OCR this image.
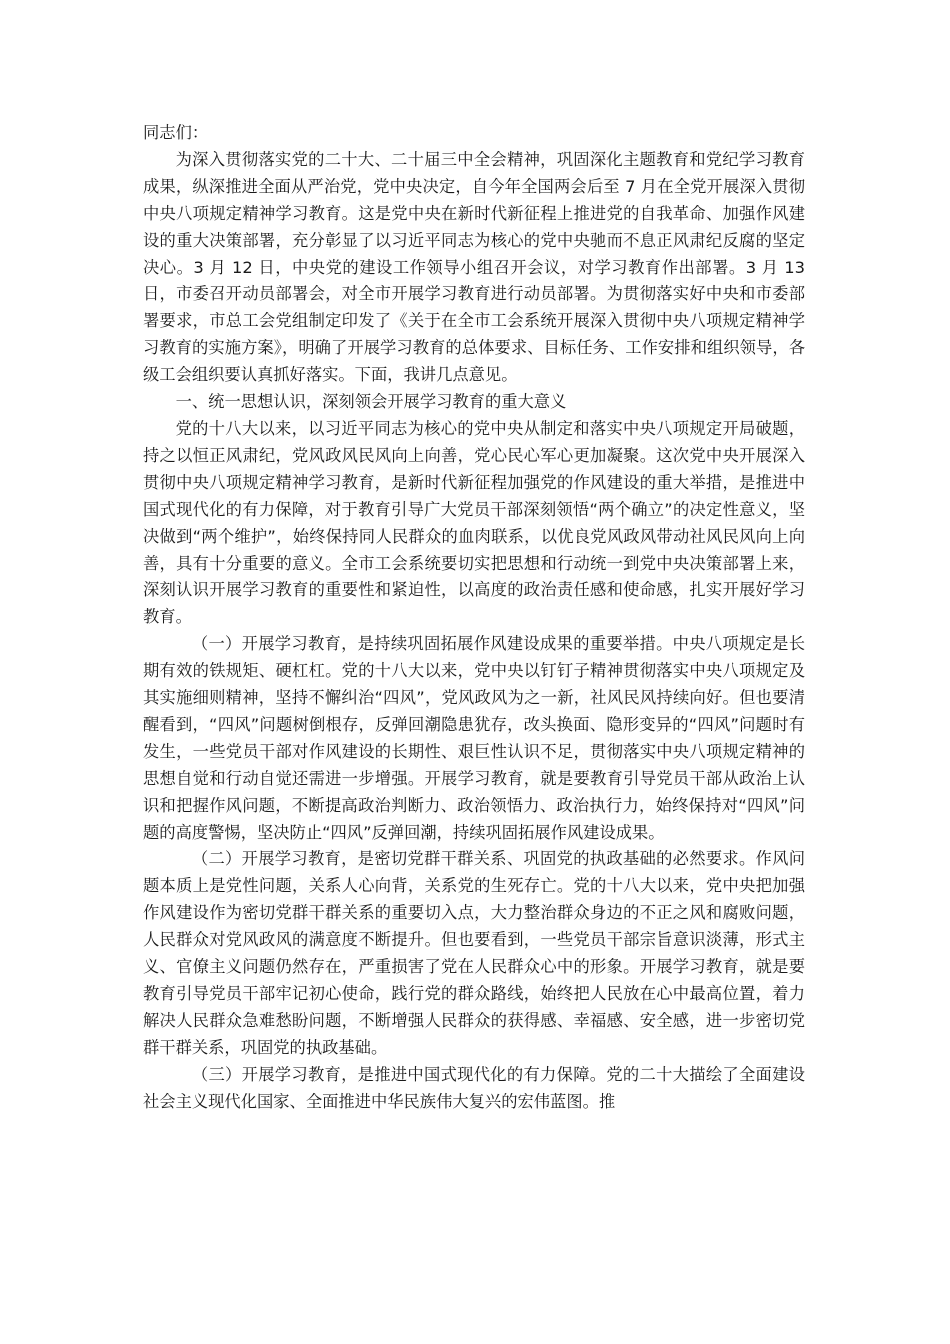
同志们：

为深入贯彻落实党的二十大、二十届三中全会精神，巩固深化主题教育和党纪学习教育成果，纵深推进全面从严治党，党中央决定，自今年全国两会后至 7 月在全党开展深入贯彻中央八项规定精神学习教育。这是党中央在新时代新征程上推进党的自我革命、加强作风建设的重大决策部署，充分彰显了以习近平同志为核心的党中央驰而不息正风肃纪反腐的坚定决心。3 月 12 日，中央党的建设工作领导小组召开会议，对学习教育作出部署。3 月 13 日，市委召开动员部署会，对全市开展学习教育进行动员部署。为贯彻落实好中央和市委部署要求，市总工会党组制定印发了《关于在全市工会系统开展深入贯彻中央八项规定精神学习教育的实施方案》，明确了开展学习教育的总体要求、目标任务、工作安排和组织领导，各级工会组织要认真抓好落实。下面，我讲几点意见。

一、统一思想认识，深刻领会开展学习教育的重大意义

党的十八大以来，以习近平同志为核心的党中央从制定和落实中央八项规定开局破题，持之以恒正风肃纪，党风政风民风向上向善，党心民心军心更加凝聚。这次党中央开展深入贯彻中央八项规定精神学习教育，是新时代新征程加强党的作风建设的重大举措，是推进中国式现代化的有力保障，对于教育引导广大党员干部深刻领悟“两个确立”的决定性意义，坚决做到“两个维护”，始终保持同人民群众的血肉联系，以优良党风政风带动社风民风向上向善，具有十分重要的意义。全市工会系统要切实把思想和行动统一到党中央决策部署上来，深刻认识开展学习教育的重要性和紧迫性，以高度的政治责任感和使命感，扎实开展好学习教育。

（一）开展学习教育，是持续巩固拓展作风建设成果的重要举措。中央八项规定是长期有效的铁规矩、硬杠杠。党的十八大以来，党中央以钉钉子精神贯彻落实中央八项规定及其实施细则精神，坚持不懈纠治“四风”，党风政风为之一新，社风民风持续向好。但也要清醒看到，“四风”问题树倒根存，反弹回潮隐患犹存，改头换面、隐形变异的“四风”问题时有发生，一些党员干部对作风建设的长期性、艰巨性认识不足，贯彻落实中央八项规定精神的思想自觉和行动自觉还需进一步增强。开展学习教育，就是要教育引导党员干部从政治上认识和把握作风问题，不断提高政治判断力、政治领悟力、政治执行力，始终保持对“四风”问题的高度警惕，坚决防止“四风”反弹回潮，持续巩固拓展作风建设成果。

（二）开展学习教育，是密切党群干群关系、巩固党的执政基础的必然要求。作风问题本质上是党性问题，关系人心向背，关系党的生死存亡。党的十八大以来，党中央把加强作风建设作为密切党群干群关系的重要切入点，大力整治群众身边的不正之风和腐败问题，人民群众对党风政风的满意度不断提升。但也要看到，一些党员干部宗旨意识淡薄，形式主义、官僚主义问题仍然存在，严重损害了党在人民群众心中的形象。开展学习教育，就是要教育引导党员干部牢记初心使命，践行党的群众路线，始终把人民放在心中最高位置，着力解决人民群众急难愁盼问题，不断增强人民群众的获得感、幸福感、安全感，进一步密切党群干群关系，巩固党的执政基础。

（三）开展学习教育，是推进中国式现代化的有力保障。党的二十大描绘了全面建设社会主义现代化国家、全面推进中华民族伟大复兴的宏伟蓝图。推
